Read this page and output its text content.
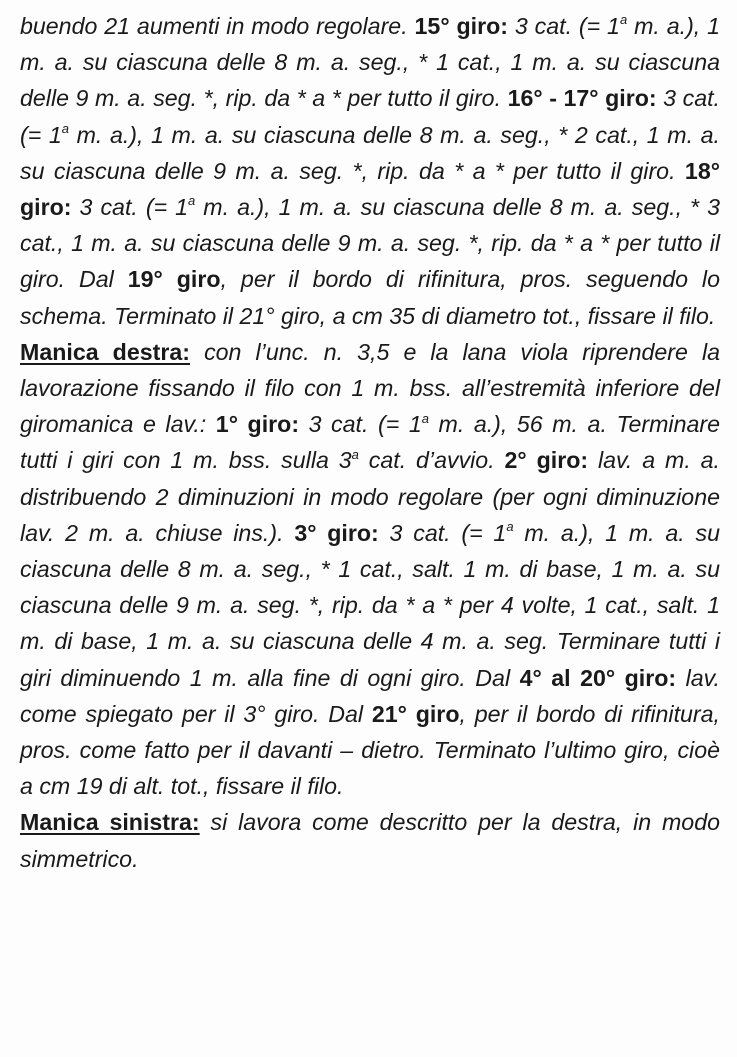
buendo 21 aumenti in modo regolare. 15° giro: 3 cat. (= $1^a$ m. a.), 1 m. a. su ciascuna delle 8 m. a. seg., * 1 cat., 1 m. a. su ciascuna delle 9 m. a. seg. *, rip. da * a * per tutto il giro. 16° - 17° giro: 3 cat. (= $1^a$ m. a.), 1 m. a. su ciascuna delle 8 m. a. seg., * 2 cat., 1 m. a. su ciascuna delle 9 m. a. seg. *, rip. da * a * per tutto il giro. 18° giro: 3 cat. (= $1^a$ m. a.), 1 m. a. su ciascuna delle 8 m. a. seg., * 3 cat., 1 m. a. su ciascuna delle 9 m. a. seg. *, rip. da * a * per tutto il giro. Dal 19° giro, per il bordo di rifinitura, pros. seguendo lo schema. Terminato il 21° giro, a cm 35 di diametro tot., fissare il filo.

Manica destra: con l’unc. n. 3,5 e la lana viola riprendere la lavorazione fissando il filo con 1 m. bss. all’estremità inferiore del giromanica e lav.: 1° giro: 3 cat. (= $1^a$ m. a.), 56 m. a. Terminare tutti i giri con 1 m. bss. sulla 3$^a$ cat. d’avvio. 2° giro: lav. a m. a. distribuendo 2 diminuzioni in modo regolare (per ogni diminuzione lav. 2 m. a. chiuse ins.). 3° giro: 3 cat. (= $1^a$ m. a.), 1 m. a. su ciascuna delle 8 m. a. seg., * 1 cat., salt. 1 m. di base, 1 m. a. su ciascuna delle 9 m. a. seg. *, rip. da * a * per 4 volte, 1 cat., salt. 1 m. di base, 1 m. a. su ciascuna delle 4 m. a. seg. Terminare tutti i giri diminuendo 1 m. alla fine di ogni giro. Dal 4° al 20° giro: lav. come spiegato per il 3° giro. Dal 21° giro, per il bordo di rifinitura, pros. come fatto per il davanti – dietro. Terminato l’ultimo giro, cioè a cm 19 di alt. tot., fissare il filo.

Manica sinistra: si lavora come descritto per la destra, in modo simmetrico.
